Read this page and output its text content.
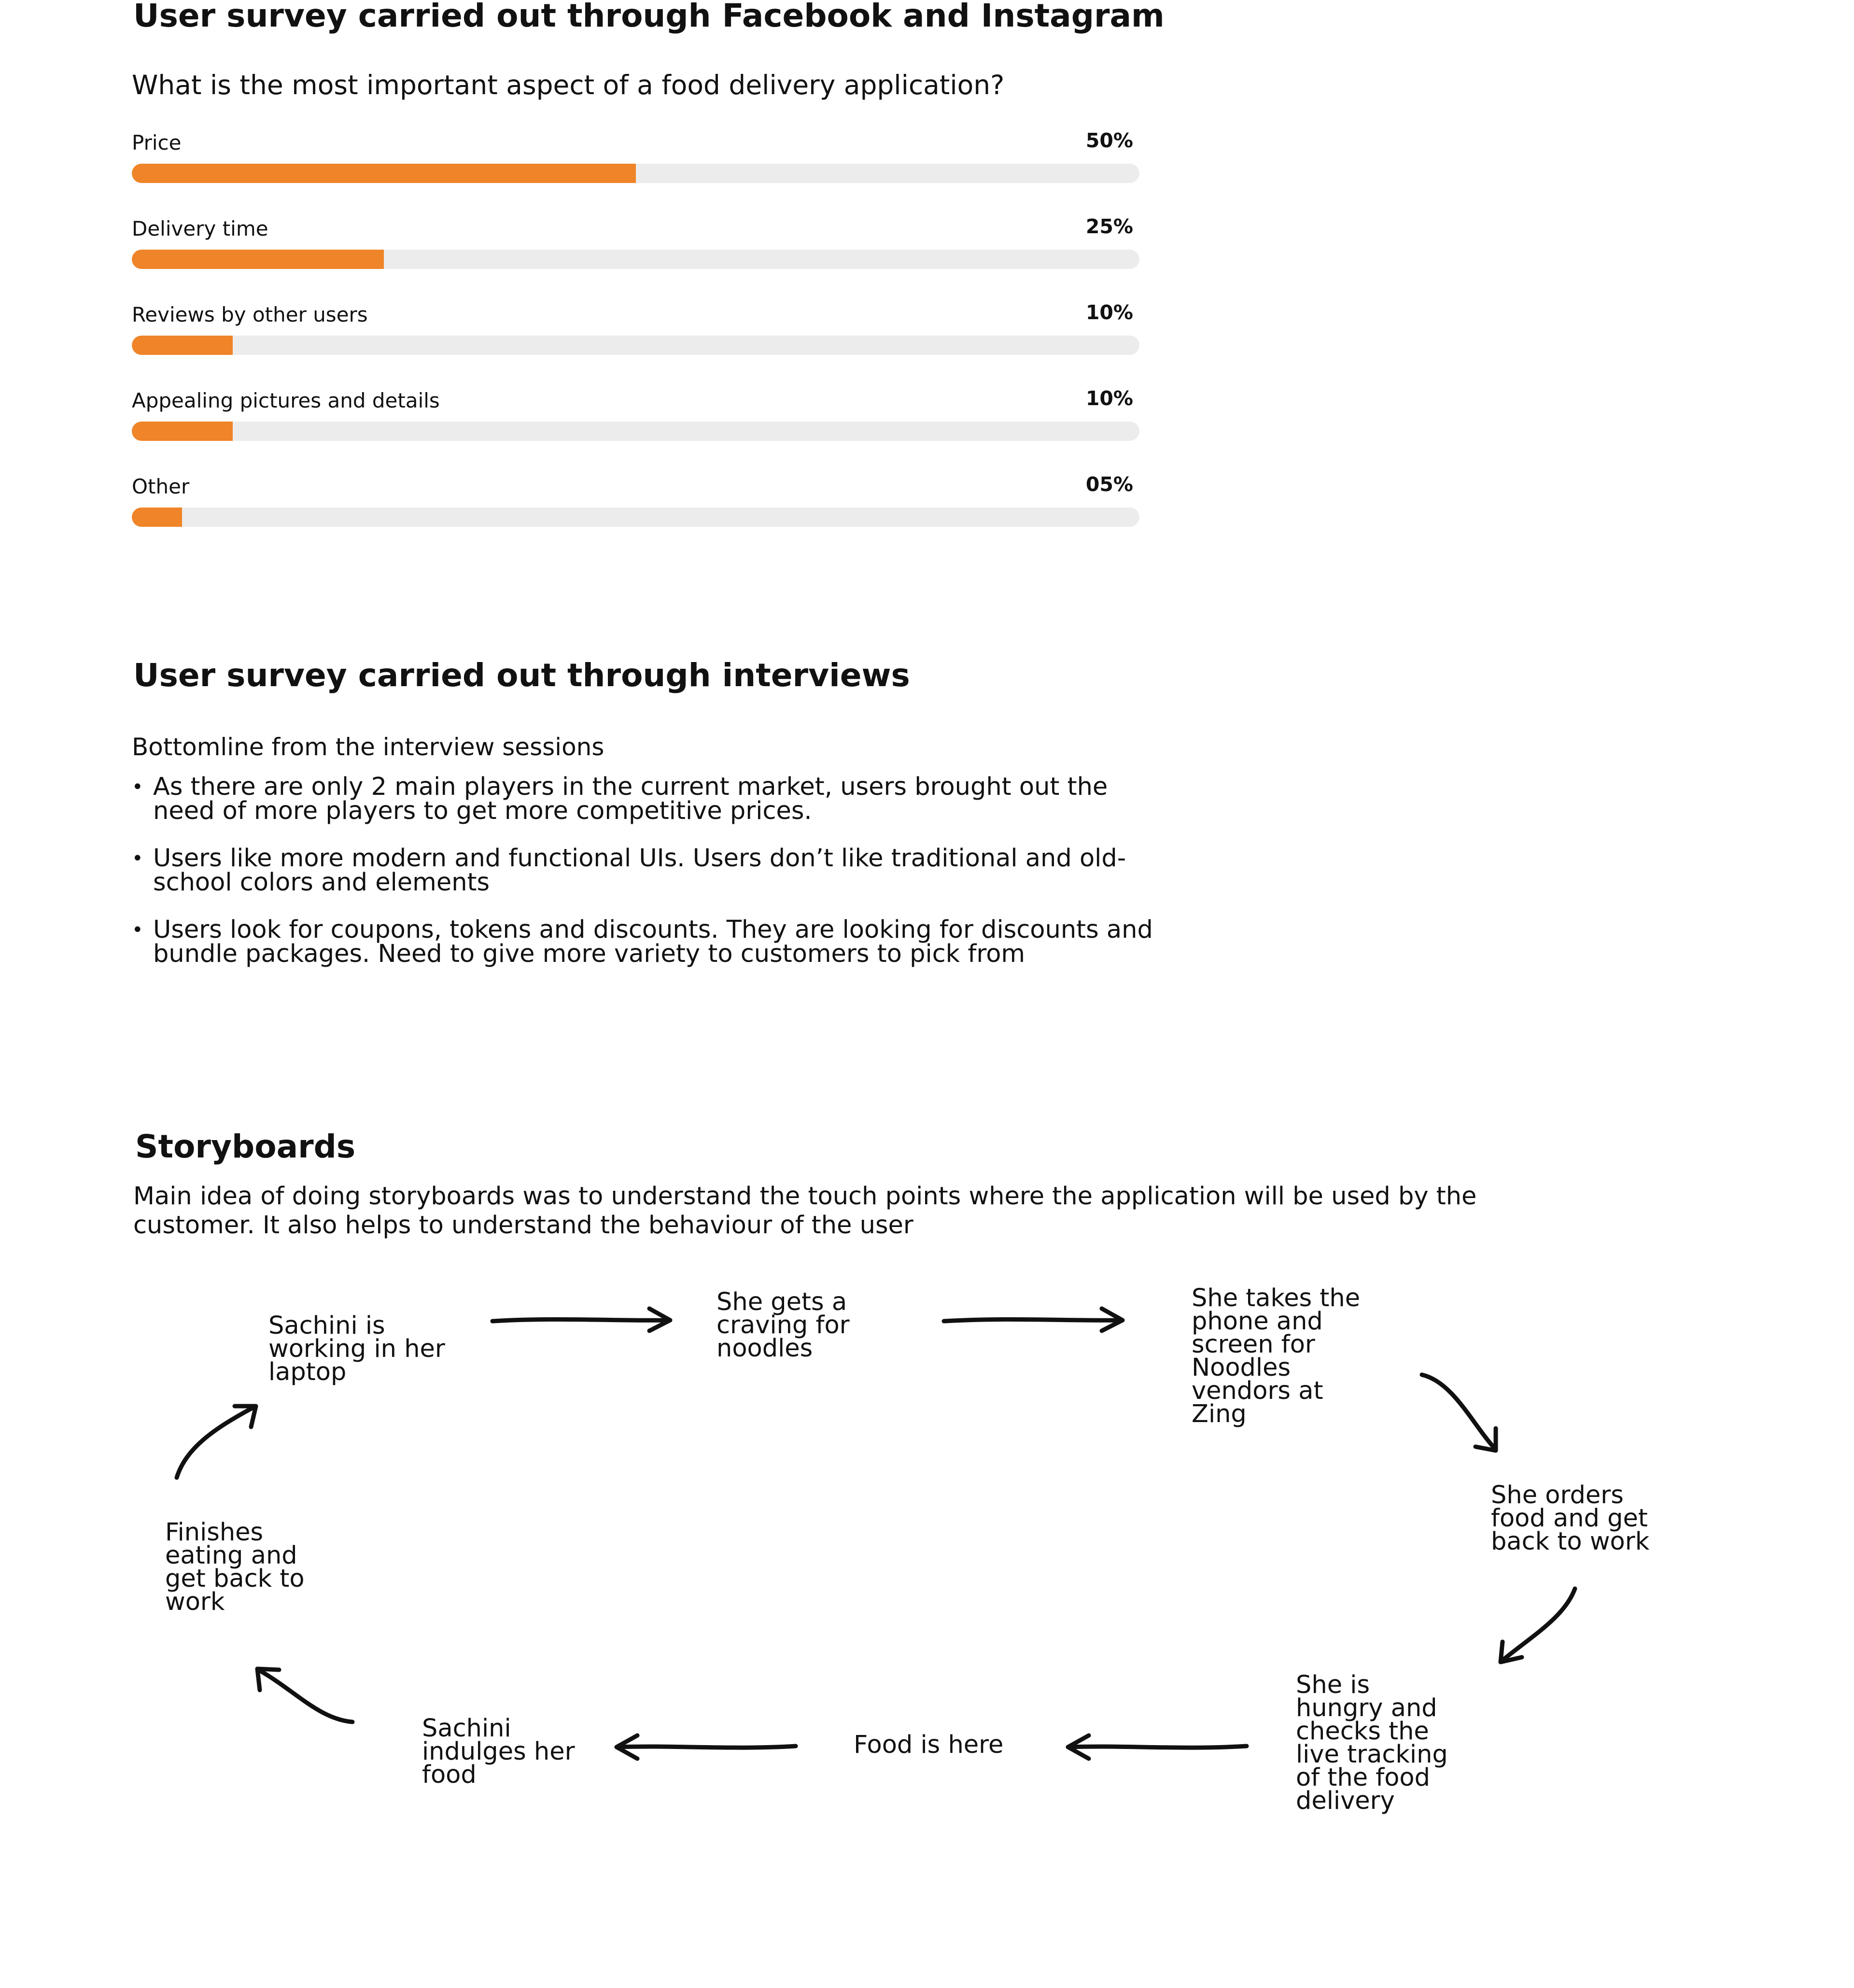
User survey carried out through Facebook and Instagram
What is the most important aspect of a food delivery application?
Price	50%
Delivery time	25%
Reviews by other users	10%
Appealing pictures and details	10%
Other	05%
User survey carried out through interviews
Bottomline from the interview sessions
• As there are only 2 main players in the current market, users brought out the need of more players to get more competitive prices.
• Users like more modern and functional UIs. Users don’t like traditional and old-school colors and elements
• Users look for coupons, tokens and discounts. They are looking for discounts and bundle packages. Need to give more variety to customers to pick from
Storyboards
Main idea of doing storyboards was to understand the touch points where the application will be used by the customer. It also helps to understand the behaviour of the user
Sachini is working in her laptop
She gets a craving for noodles
She takes the phone and screen for Noodles vendors at Zing
She orders food and get back to work
She is hungry and checks the live tracking of the food delivery
Food is here
Sachini indulges her food
Finishes eating and get back to work
